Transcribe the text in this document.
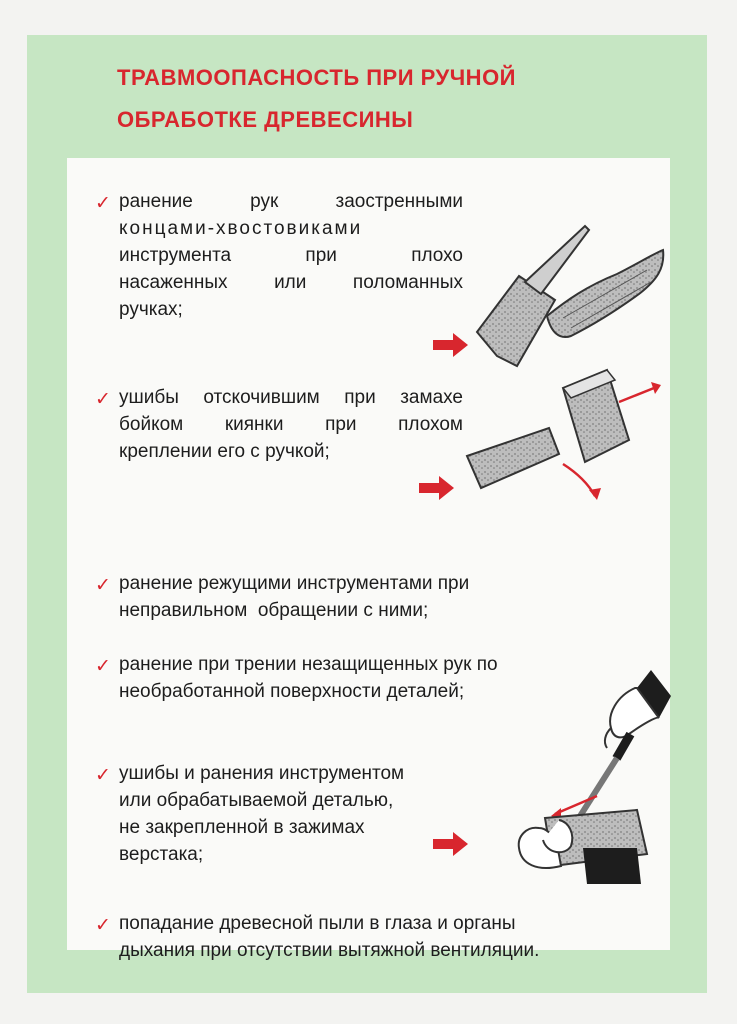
ТРАВМООПАСНОСТЬ ПРИ РУЧНОЙ
ОБРАБОТКЕ ДРЕВЕСИНЫ
✓ ранение рук заостренными
концами-хвостовиками
инструмента при плохо
насаженных или поломанных
ручках;
✓ ушибы отскочившим при замахе
бойком киянки при плохом
креплении его с ручкой;
✓ ранение режущими инструментами при
неправильном  обращении с ними;
✓ ранение при трении незащищенных рук по
необработанной поверхности деталей;
✓ ушибы и ранения инструментом
или обрабатываемой деталью,
не закрепленной в зажимах
верстака;
✓ попадание древесной пыли в глаза и органы
дыхания при отсутствии вытяжной вентиляции.
